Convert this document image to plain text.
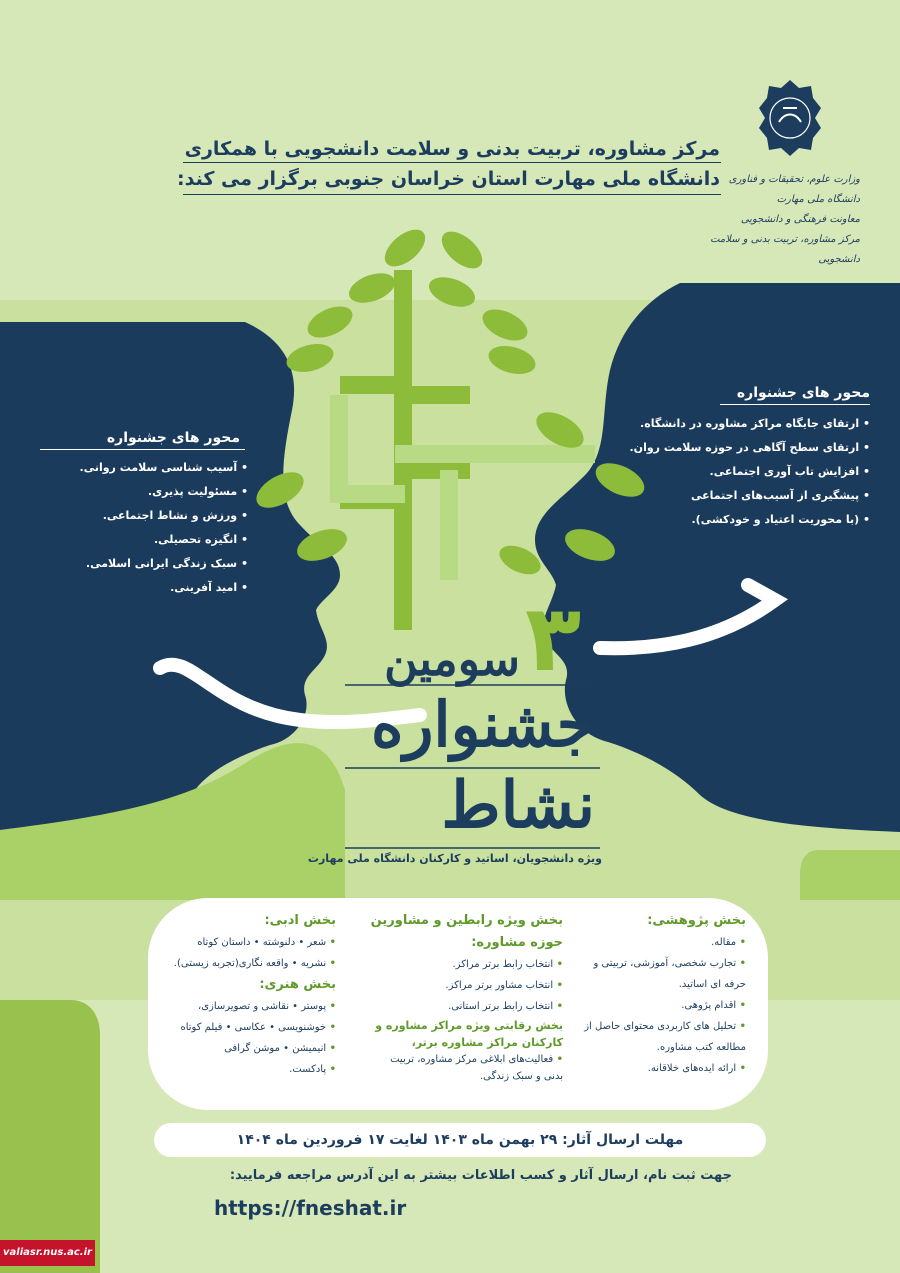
مرکز مشاوره، تربیت بدنی و سلامت دانشجویی با همکاری
دانشگاه ملی مهارت استان خراسان جنوبی برگزار می کند: وزارت علوم، تحقیقات و فناوری
دانشگاه ملی مهارت
معاونت فرهنگی و دانشجویی
مرکز مشاوره، تربیت بدنی و سلامت دانشجویی
محور های جشنواره
• ارتقای جایگاه مراکز مشاوره در دانشگاه.
• ارتقای سطح آگاهی در حوزه سلامت روان.
• افزایش تاب آوری اجتماعی.
• پیشگیری از آسیب‌های اجتماعی
• (با محوریت اعتیاد و خودکشی).
محور های جشنواره
• آسیب شناسی سلامت روانی.
• مسئولیت پذیری.
• ورزش و نشاط اجتماعی.
• انگیزه تحصیلی.
• سبک زندگی ایرانی اسلامی.
• امید آفرینی.	۳
سومین
جشنواره
نشاط
ویژه دانشجویان، اساتید و کارکنان دانشگاه ملی مهارت
بخش پژوهشی:
• مقاله.
• تجارب شخصی، آموزشی، تربیتی و حرفه ای اساتید.
• اقدام پژوهی.
• تحلیل های کاربردی محتوای حاصل از مطالعه کتب مشاوره.
• ارائه ایده‌های خلاقانه.
بخش ویژه رابطین و مشاورین حوزه مشاوره:
• انتخاب رابط برتر مراکز.
• انتخاب مشاور برتر مراکز.
• انتخاب رابط برتر استانی.
بخش رقابتی ویژه مراکز مشاوره و کارکنان مراکز مشاوره برتر،
• فعالیت‌های ابلاغی مرکز مشاوره، تربیت بدنی و سبک زندگی.
بخش ادبی:
• شعر • دلنوشته • داستان کوتاه
• نشریه • واقعه نگاری(تجربه زیستی).
بخش هنری:
• پوستر • نقاشی و تصویرسازی،
• خوشنویسی • عکاسی • فیلم کوتاه
• انیمیشن • موشن گرافی
• پادکست.
مهلت ارسال آثار: ۲۹ بهمن ماه ۱۴۰۳ لغایت ۱۷ فروردین ماه ۱۴۰۴
جهت ثبت نام، ارسال آثار و کسب اطلاعات بیشتر به این آدرس مراجعه فرمایید:
https://fneshat.ir
valiasr.nus.ac.ir
